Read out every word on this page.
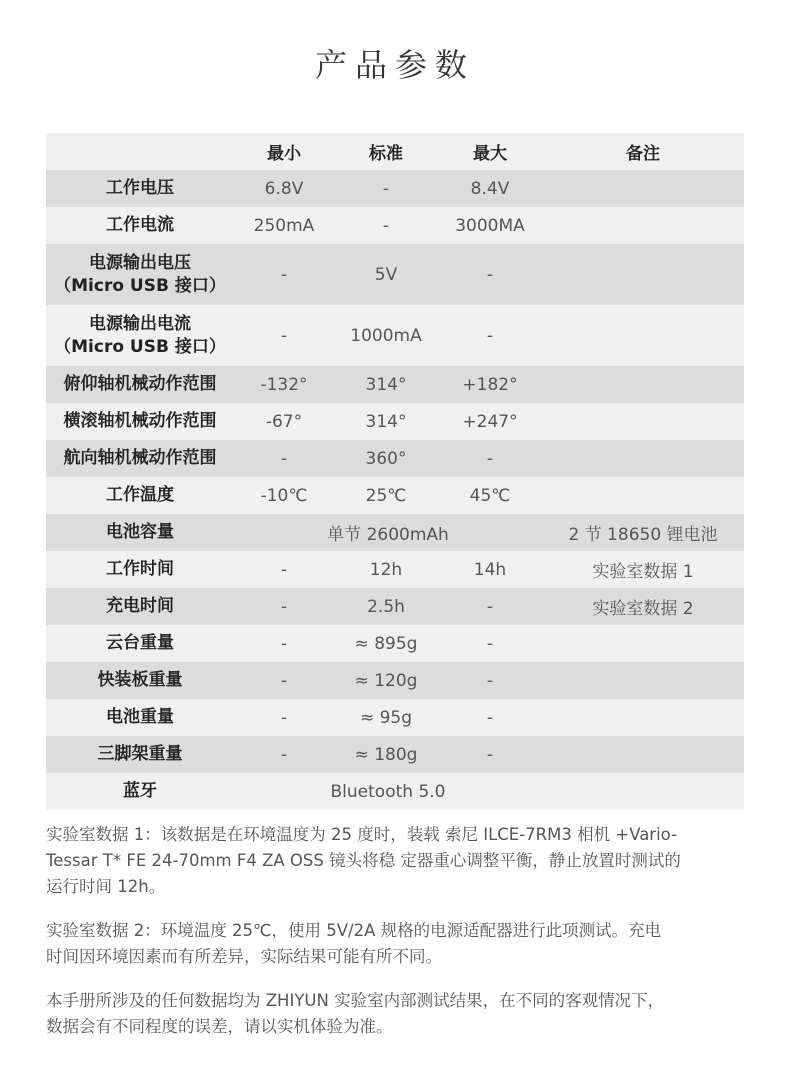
产品参数
	最小	标准	最大	备注
工作电压	6.8V	-	8.4V	
工作电流	250mA	-	3000MA	

电源输出电压
（Micro USB 接口）	-	5V	-	

电源输出电流
（Micro USB 接口）	-	1000mA	-	
俯仰轴机械动作范围	-132°	314°	+182°	
横滚轴机械动作范围	-67°	314°	+247°	
航向轴机械动作范围	-	360°	-	
工作温度	-10℃	25℃	45℃	
电池容量	单节 2600mAh			2 节 18650 锂电池
工作时间	-	12h	14h	实验室数据 1
充电时间	-	2.5h	-	实验室数据 2
云台重量	-	≈ 895g	-	
快装板重量	-	≈ 120g	-	
电池重量	-	≈ 95g	-	
三脚架重量	-	≈ 180g	-	
蓝牙	Bluetooth 5.0			

实验室数据 1：该数据是在环境温度为 25 度时，装载 索尼 ILCE-7RM3 相机 +Vario-

Tessar T* FE 24-70mm F4 ZA OSS 镜头将稳 定器重心调整平衡，静止放置时测试的

运行时间 12h。

实验室数据 2：环境温度 25℃，使用 5V/2A 规格的电源适配器进行此项测试。充电

时间因环境因素而有所差异，实际结果可能有所不同。

本手册所涉及的任何数据均为 ZHIYUN 实验室内部测试结果，在不同的客观情况下，

数据会有不同程度的误差，请以实机体验为准。
